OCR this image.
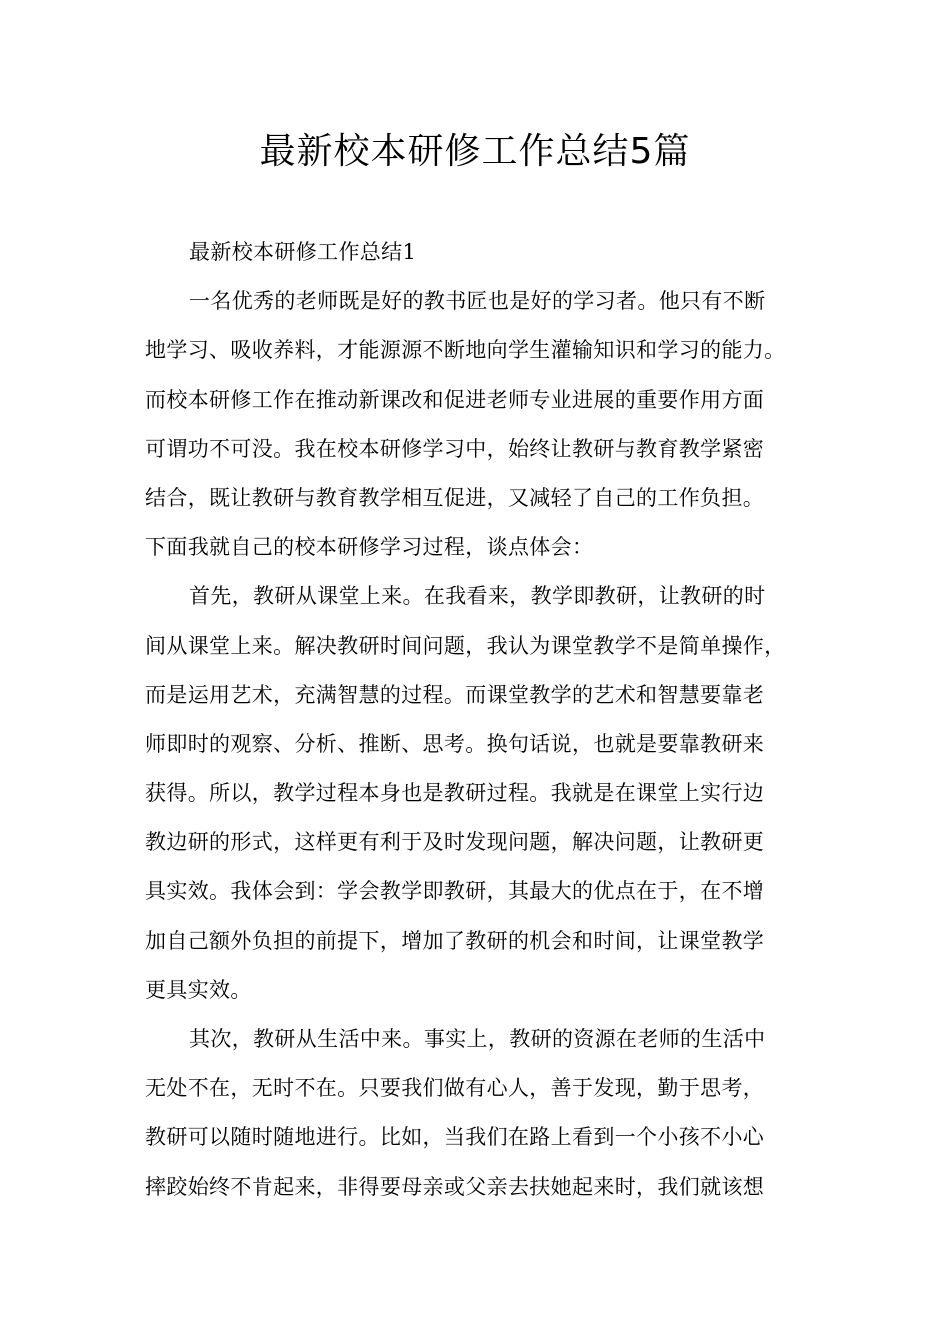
最新校本研修工作总结5篇
最新校本研修工作总结1
一名优秀的老师既是好的教书匠也是好的学习者。他只有不断
地学习、吸收养料，才能源源不断地向学生灌输知识和学习的能力。
而校本研修工作在推动新课改和促进老师专业进展的重要作用方面
可谓功不可没。我在校本研修学习中，始终让教研与教育教学紧密
结合，既让教研与教育教学相互促进，又减轻了自己的工作负担。
下面我就自己的校本研修学习过程，谈点体会：
首先，教研从课堂上来。在我看来，教学即教研，让教研的时
间从课堂上来。解决教研时间问题，我认为课堂教学不是简单操作，
而是运用艺术，充满智慧的过程。而课堂教学的艺术和智慧要靠老
师即时的观察、分析、推断、思考。换句话说，也就是要靠教研来
获得。所以，教学过程本身也是教研过程。我就是在课堂上实行边
教边研的形式，这样更有利于及时发现问题，解决问题，让教研更
具实效。我体会到：学会教学即教研，其最大的优点在于，在不增
加自己额外负担的前提下，增加了教研的机会和时间，让课堂教学
更具实效。
其次，教研从生活中来。事实上，教研的资源在老师的生活中
无处不在，无时不在。只要我们做有心人，善于发现，勤于思考，
教研可以随时随地进行。比如，当我们在路上看到一个小孩不小心
摔跤始终不肯起来，非得要母亲或父亲去扶她起来时，我们就该想
